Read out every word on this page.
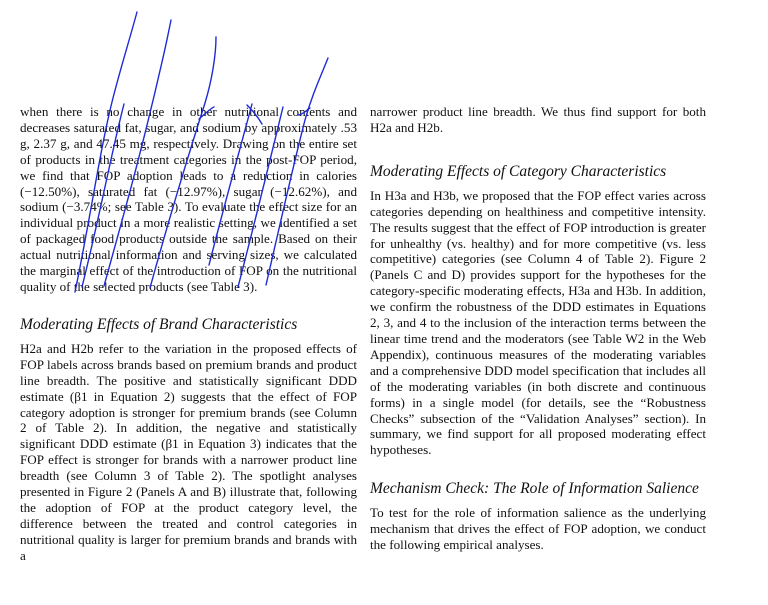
when there is no change in other nutritional contents and decreases saturated fat, sugar, and sodium by approximately .53 g, 2.37 g, and 47.45 mg, respectively. Drawing on the entire set of products in the treatment categories in the post-FOP period, we find that FOP adoption leads to a reduction in calories (−12.50%), saturated fat (−12.97%), sugar (−12.62%), and sodium (−3.74%; see Table 3). To evaluate the effect size for an individual product in a more realistic setting, we identified a set of packaged food products outside the sample. Based on their actual nutritional information and serving sizes, we calculated the marginal effect of the introduction of FOP on the nutritional quality of the selected products (see Table 3).

Moderating Effects of Brand Characteristics

H2a and H2b refer to the variation in the proposed effects of FOP labels across brands based on premium brands and product line breadth. The positive and statistically significant DDD estimate (β1 in Equation 2) suggests that the effect of FOP category adoption is stronger for premium brands (see Column 2 of Table 2). In addition, the negative and statistically significant DDD estimate (β1 in Equation 3) indicates that the FOP effect is stronger for brands with a narrower product line breadth (see Column 3 of Table 2). The spotlight analyses presented in Figure 2 (Panels A and B) illustrate that, following the adoption of FOP at the product category level, the difference between the treated and control categories in nutritional quality is larger for premium brands and brands with a

narrower product line breadth. We thus find support for both H2a and H2b.

Moderating Effects of Category Characteristics

In H3a and H3b, we proposed that the FOP effect varies across categories depending on healthiness and competitive intensity. The results suggest that the effect of FOP introduction is greater for unhealthy (vs. healthy) and for more competitive (vs. less competitive) categories (see Column 4 of Table 2). Figure 2 (Panels C and D) provides support for the hypotheses for the category-specific moderating effects, H3a and H3b. In addition, we confirm the robustness of the DDD estimates in Equations 2, 3, and 4 to the inclusion of the interaction terms between the linear time trend and the moderators (see Table W2 in the Web Appendix), continuous measures of the moderating variables and a comprehensive DDD model specification that includes all of the moderating variables (in both discrete and continuous forms) in a single model (for details, see the “Robustness Checks” subsection of the “Validation Analyses” section). In summary, we find support for all proposed moderating effect hypotheses.

Mechanism Check: The Role of Information Salience

To test for the role of information salience as the underlying mechanism that drives the effect of FOP adoption, we conduct the following empirical analyses.
